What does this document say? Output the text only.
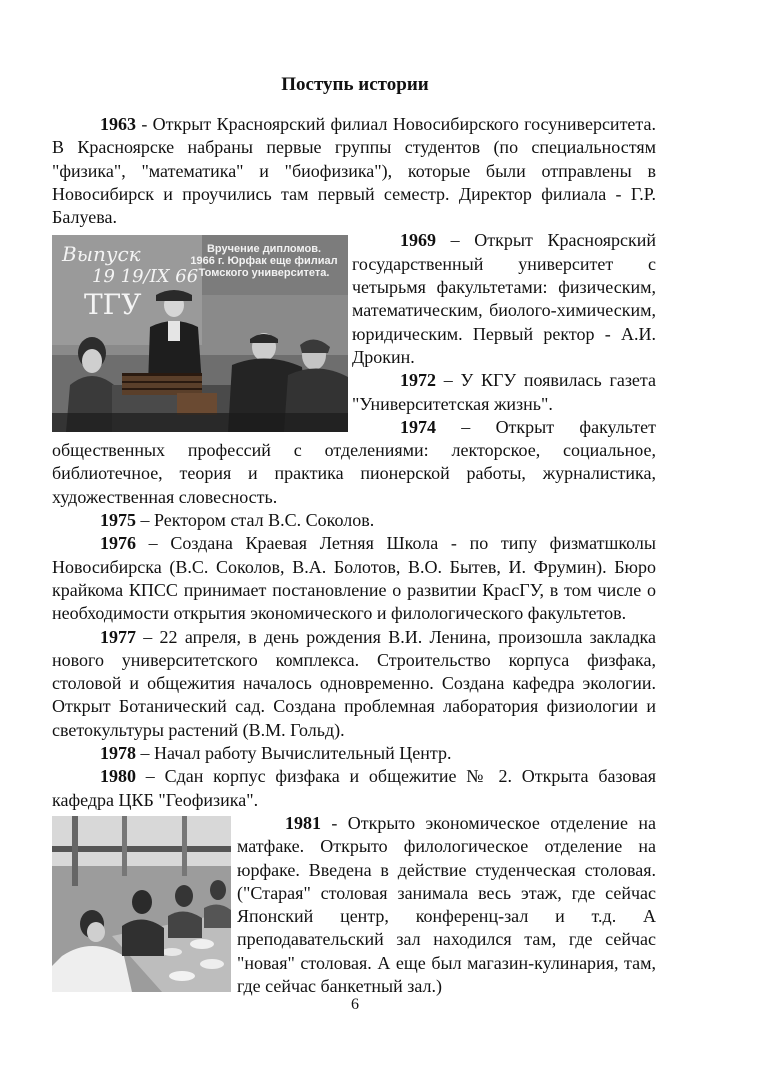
Поступь истории

1963 - Открыт Красноярский филиал Новосибирского госуниверситета. В Красноярске набраны первые группы студентов (по специальностям "физика", "математика" и "биофизика"), которые были отправлены в Новосибирск и проучились там первый семестр. Директор филиала - Г.Р. Балуева.

Выпуск
19 19/IX 66
ТГУ
Вручение дипломов.
1966 г. Юрфак еще филиал
Томского университета.

1969 – Открыт Красноярский государственный университет с четырьмя факультетами: физическим, математическим, биолого-химическим, юридическим. Первый ректор - А.И. Дрокин.

1972 – У КГУ появилась газета "Университетская жизнь".

1974 – Открыт факультет общественных профессий с отделениями: лекторское, социальное, библиотечное, теория и практика пионерской работы, журналистика, художественная словесность.

1975 – Ректором стал В.С. Соколов.

1976 – Создана Краевая Летняя Школа - по типу физматшколы Новосибирска (В.С. Соколов, В.А. Болотов, В.О. Бытев, И. Фрумин). Бюро крайкома КПСС принимает постановление о развитии КрасГУ, в том числе о необходимости открытия экономического и филологического факультетов.

1977 – 22 апреля, в день рождения В.И. Ленина, произошла закладка нового университетского комплекса. Строительство корпуса физфака, столовой и общежития началось одновременно. Создана кафедра экологии. Открыт Ботанический сад. Создана проблемная лаборатория физиологии и светокультуры растений (В.М. Гольд).

1978 – Начал работу Вычислительный Центр.

1980 – Сдан корпус физфака и общежитие № 2. Открыта базовая кафедра ЦКБ "Геофизика".

1981 - Открыто экономическое отделение на матфаке. Открыто филологическое отделение на юрфаке. Введена в действие студенческая столовая. ("Старая" столовая занимала весь этаж, где сейчас Японский центр, конференц-зал и т.д. А преподавательский зал находился там, где сейчас "новая" столовая. А еще был магазин-кулинария, там, где сейчас банкетный зал.)

6
